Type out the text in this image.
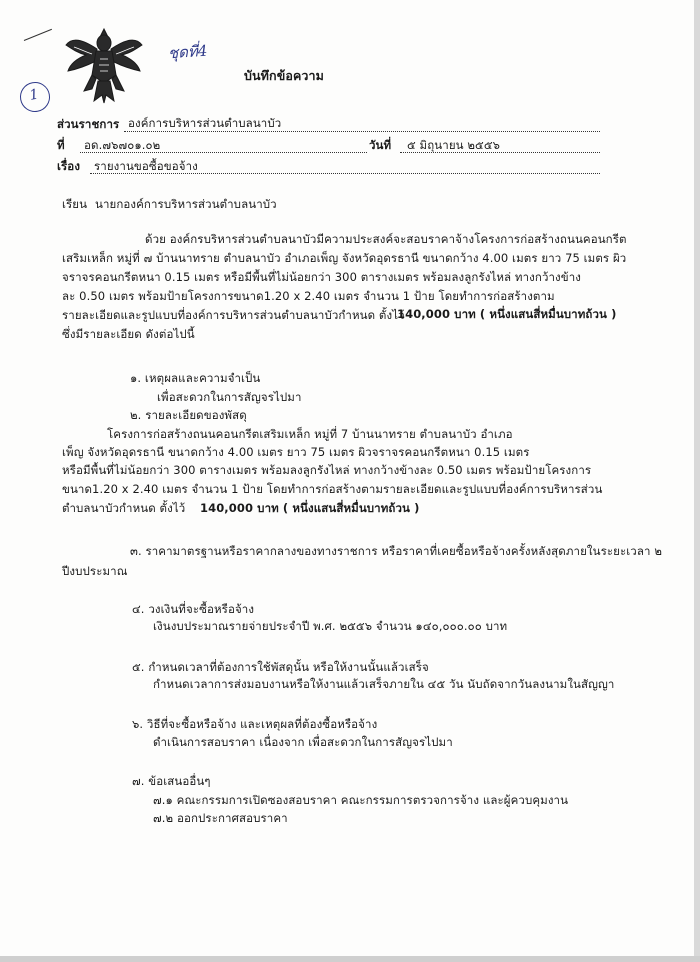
1
ชุดที่4
บันทึกข้อความ
ส่วนราชการ องค์การบริหารส่วนตำบลนาบัว
ที่ อด.๗๖๗๐๑.๐๒	วันที่ ๕ มิถุนายน ๒๕๕๖
เรื่อง รายงานขอซื้อขอจ้าง
เรียน นายกองค์การบริหารส่วนตำบลนาบัว
ด้วย องค์กรบริหารส่วนตำบลนาบัวมีความประสงค์จะสอบราคาจ้างโครงการก่อสร้างถนนคอนกรีต
เสริมเหล็ก หมู่ที่ ๗ บ้านนาทราย ตำบลนาบัว อำเภอเพ็ญ จังหวัดอุดรธานี ขนาดกว้าง 4.00 เมตร ยาว 75 เมตร ผิว
จราจรคอนกรีตหนา 0.15 เมตร หรือมีพื้นที่ไม่น้อยกว่า 300 ตารางเมตร พร้อมลงลูกรังไหล่ ทางกว้างข้าง
ละ 0.50 เมตร พร้อมป้ายโครงการขนาด1.20 x 2.40 เมตร จำนวน 1 ป้าย โดยทำการก่อสร้างตาม
รายละเอียดและรูปแบบที่องค์การบริหารส่วนตำบลนาบัวกำหนด ตั้งไว้
140,000 บาท ( หนึ่งแสนสี่หมื่นบาทถ้วน )
ซึ่งมีรายละเอียด ดังต่อไปนี้
๑. เหตุผลและความจำเป็น
เพื่อสะดวกในการสัญจรไปมา
๒. รายละเอียดของพัสดุ
โครงการก่อสร้างถนนคอนกรีตเสริมเหล็ก หมู่ที่ 7 บ้านนาทราย ตำบลนาบัว อำเภอ
เพ็ญ จังหวัดอุดรธานี ขนาดกว้าง 4.00 เมตร ยาว 75 เมตร ผิวจราจรคอนกรีตหนา 0.15 เมตร
หรือมีพื้นที่ไม่น้อยกว่า 300 ตารางเมตร พร้อมลงลูกรังไหล่ ทางกว้างข้างละ 0.50 เมตร พร้อมป้ายโครงการ
ขนาด1.20 x 2.40 เมตร จำนวน 1 ป้าย โดยทำการก่อสร้างตามรายละเอียดและรูปแบบที่องค์การบริหารส่วน
ตำบลนาบัวกำหนด ตั้งไว้ 140,000 บาท ( หนึ่งแสนสี่หมื่นบาทถ้วน )
๓. ราคามาตรฐานหรือราคากลางของทางราชการ หรือราคาที่เคยซื้อหรือจ้างครั้งหลังสุดภายในระยะเวลา ๒
ปีงบประมาณ
๔. วงเงินที่จะซื้อหรือจ้าง
เงินงบประมาณรายจ่ายประจำปี พ.ศ. ๒๕๕๖ จำนวน ๑๔๐,๐๐๐.๐๐ บาท
๕. กำหนดเวลาที่ต้องการใช้พัสดุนั้น หรือให้งานนั้นแล้วเสร็จ
กำหนดเวลาการส่งมอบงานหรือให้งานแล้วเสร็จภายใน ๔๕ วัน นับถัดจากวันลงนามในสัญญา
๖. วิธีที่จะซื้อหรือจ้าง และเหตุผลที่ต้องซื้อหรือจ้าง
ดำเนินการสอบราคา เนื่องจาก เพื่อสะดวกในการสัญจรไปมา
๗. ข้อเสนออื่นๆ
๗.๑ คณะกรรมการเปิดซองสอบราคา คณะกรรมการตรวจการจ้าง และผู้ควบคุมงาน
๗.๒ ออกประกาศสอบราคา
